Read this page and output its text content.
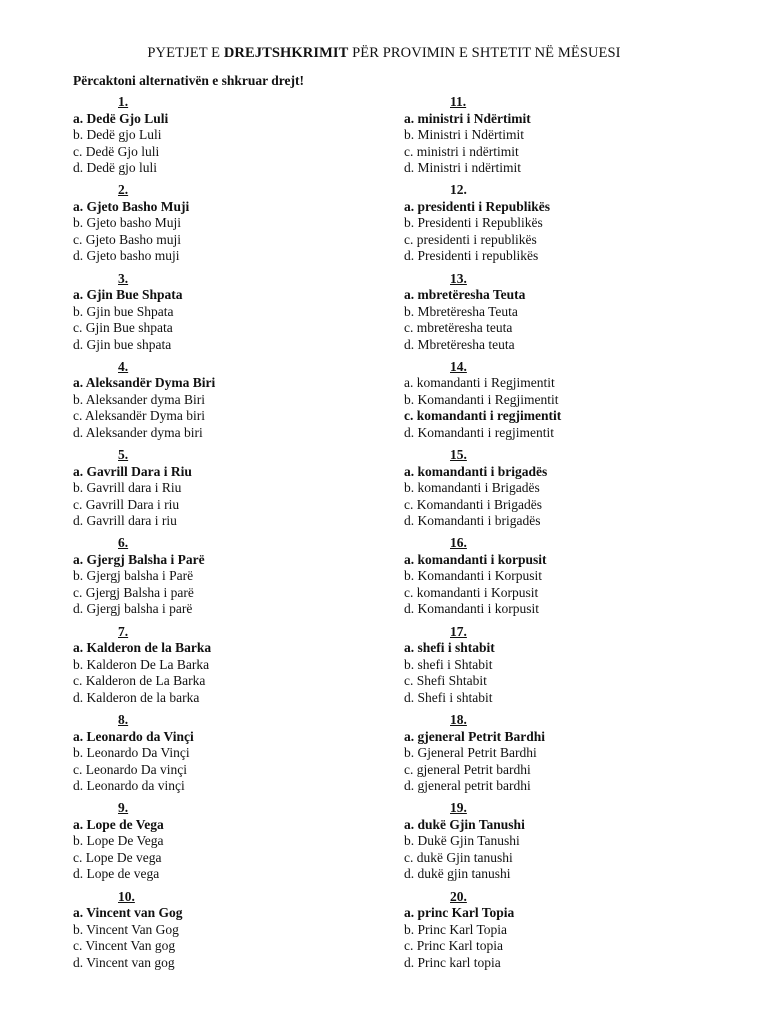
PYETJET E DREJTSHKRIMIT PËR PROVIMIN E SHTETIT NË MËSUESI
Përcaktoni alternativën e shkruar drejt!
1.
a. Dedë Gjo Luli
b. Dedë gjo Luli
c. Dedë Gjo luli
d. Dedë gjo luli
2.
a. Gjeto Basho Muji
b. Gjeto basho Muji
c. Gjeto Basho muji
d. Gjeto basho muji
3.
a. Gjin Bue Shpata
b. Gjin bue Shpata
c. Gjin Bue shpata
d. Gjin bue shpata
4.
a. Aleksandër Dyma Biri
b. Aleksander dyma Biri
c. Aleksandër Dyma biri
d. Aleksander dyma biri
5.
a. Gavrill Dara i Riu
b. Gavrill dara i Riu
c. Gavrill Dara i riu
d. Gavrill dara i riu
6.
a. Gjergj Balsha i Parë
b. Gjergj balsha i Parë
c. Gjergj Balsha i parë
d. Gjergj balsha i parë
7.
a. Kalderon de la Barka
b. Kalderon De La Barka
c. Kalderon de La Barka
d. Kalderon de la barka
8.
a. Leonardo da Vinçi
b. Leonardo Da Vinçi
c. Leonardo Da vinçi
d. Leonardo da vinçi
9.
a. Lope de Vega
b. Lope De Vega
c. Lope De vega
d. Lope de vega
10.
a. Vincent van Gog
b. Vincent Van Gog
c. Vincent Van gog
d. Vincent van gog
11.
a. ministri i Ndërtimit
b. Ministri i Ndërtimit
c. ministri i ndërtimit
d. Ministri i ndërtimit
12.
a. presidenti i Republikës
b. Presidenti i Republikës
c. presidenti i republikës
d. Presidenti i republikës
13.
a. mbretëresha Teuta
b. Mbretëresha Teuta
c. mbretëresha teuta
d. Mbretëresha teuta
14.
a. komandanti i Regjimentit
b. Komandanti i Regjimentit
c. komandanti i regjimentit
d. Komandanti i regjimentit
15.
a. komandanti i brigadës
b. komandanti i Brigadës
c. Komandanti i Brigadës
d. Komandanti i brigadës
16.
a. komandanti i korpusit
b. Komandanti i Korpusit
c. komandanti i Korpusit
d. Komandanti i korpusit
17.
a. shefi i shtabit
b. shefi i Shtabit
c. Shefi Shtabit
d. Shefi i shtabit
18.
a. gjeneral Petrit Bardhi
b. Gjeneral Petrit Bardhi
c. gjeneral Petrit bardhi
d. gjeneral petrit bardhi
19.
a. dukë Gjin Tanushi
b. Dukë Gjin Tanushi
c. dukë Gjin tanushi
d. dukë gjin tanushi
20.
a. princ Karl Topia
b. Princ Karl Topia
c. Princ Karl topia
d. Princ karl topia
